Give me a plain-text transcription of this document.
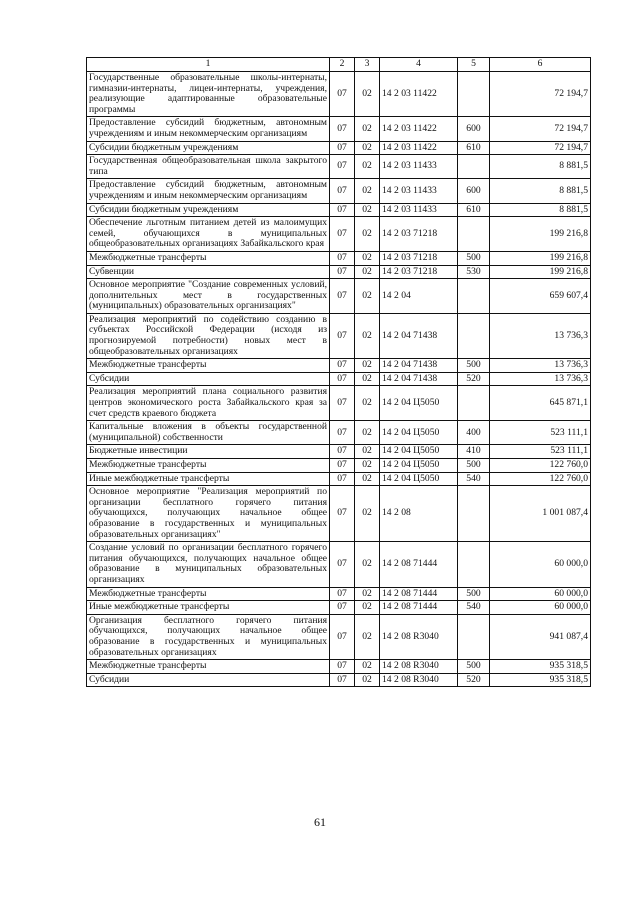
1	2	3	4	5	6
Государственные образовательные школы-интернаты, гимназии-интернаты, лицеи-интернаты, учреждения, реализующие адаптированные образовательные программы	07	02	14 2 03 11422		72 194,7
Предоставление субсидий бюджетным, автономным учреждениям и иным некоммерческим организациям	07	02	14 2 03 11422	600	72 194,7
Субсидии бюджетным учреждениям	07	02	14 2 03 11422	610	72 194,7
Государственная общеобразовательная школа закрытого типа	07	02	14 2 03 11433		8 881,5
Предоставление субсидий бюджетным, автономным учреждениям и иным некоммерческим организациям	07	02	14 2 03 11433	600	8 881,5
Субсидии бюджетным учреждениям	07	02	14 2 03 11433	610	8 881,5
Обеспечение льготным питанием детей из малоимущих семей, обучающихся в муниципальных общеобразовательных организациях Забайкальского края	07	02	14 2 03 71218		199 216,8
Межбюджетные трансферты	07	02	14 2 03 71218	500	199 216,8
Субвенции	07	02	14 2 03 71218	530	199 216,8
Основное мероприятие "Создание современных условий, дополнительных мест в государственных (муниципальных) образовательных организациях"	07	02	14 2 04		659 607,4
Реализация мероприятий по содействию созданию в субъектах Российской Федерации (исходя из прогнозируемой потребности) новых мест в общеобразовательных организациях	07	02	14 2 04 71438		13 736,3
Межбюджетные трансферты	07	02	14 2 04 71438	500	13 736,3
Субсидии	07	02	14 2 04 71438	520	13 736,3
Реализация мероприятий плана социального развития центров экономического роста Забайкальского края за счет средств краевого бюджета	07	02	14 2 04 Ц5050		645 871,1
Капитальные вложения в объекты государственной (муниципальной) собственности	07	02	14 2 04 Ц5050	400	523 111,1
Бюджетные инвестиции	07	02	14 2 04 Ц5050	410	523 111,1
Межбюджетные трансферты	07	02	14 2 04 Ц5050	500	122 760,0
Иные межбюджетные трансферты	07	02	14 2 04 Ц5050	540	122 760,0
Основное мероприятие "Реализация мероприятий по организации бесплатного горячего питания обучающихся, получающих начальное общее образование в государственных и муниципальных образовательных организациях"	07	02	14 2 08		1 001 087,4
Создание условий по организации бесплатного горячего питания обучающихся, получающих начальное общее образование в муниципальных образовательных организациях	07	02	14 2 08 71444		60 000,0
Межбюджетные трансферты	07	02	14 2 08 71444	500	60 000,0
Иные межбюджетные трансферты	07	02	14 2 08 71444	540	60 000,0
Организация бесплатного горячего питания обучающихся, получающих начальное общее образование в государственных и муниципальных образовательных организациях	07	02	14 2 08 R3040		941 087,4
Межбюджетные трансферты	07	02	14 2 08 R3040	500	935 318,5
Субсидии	07	02	14 2 08 R3040	520	935 318,5
61
